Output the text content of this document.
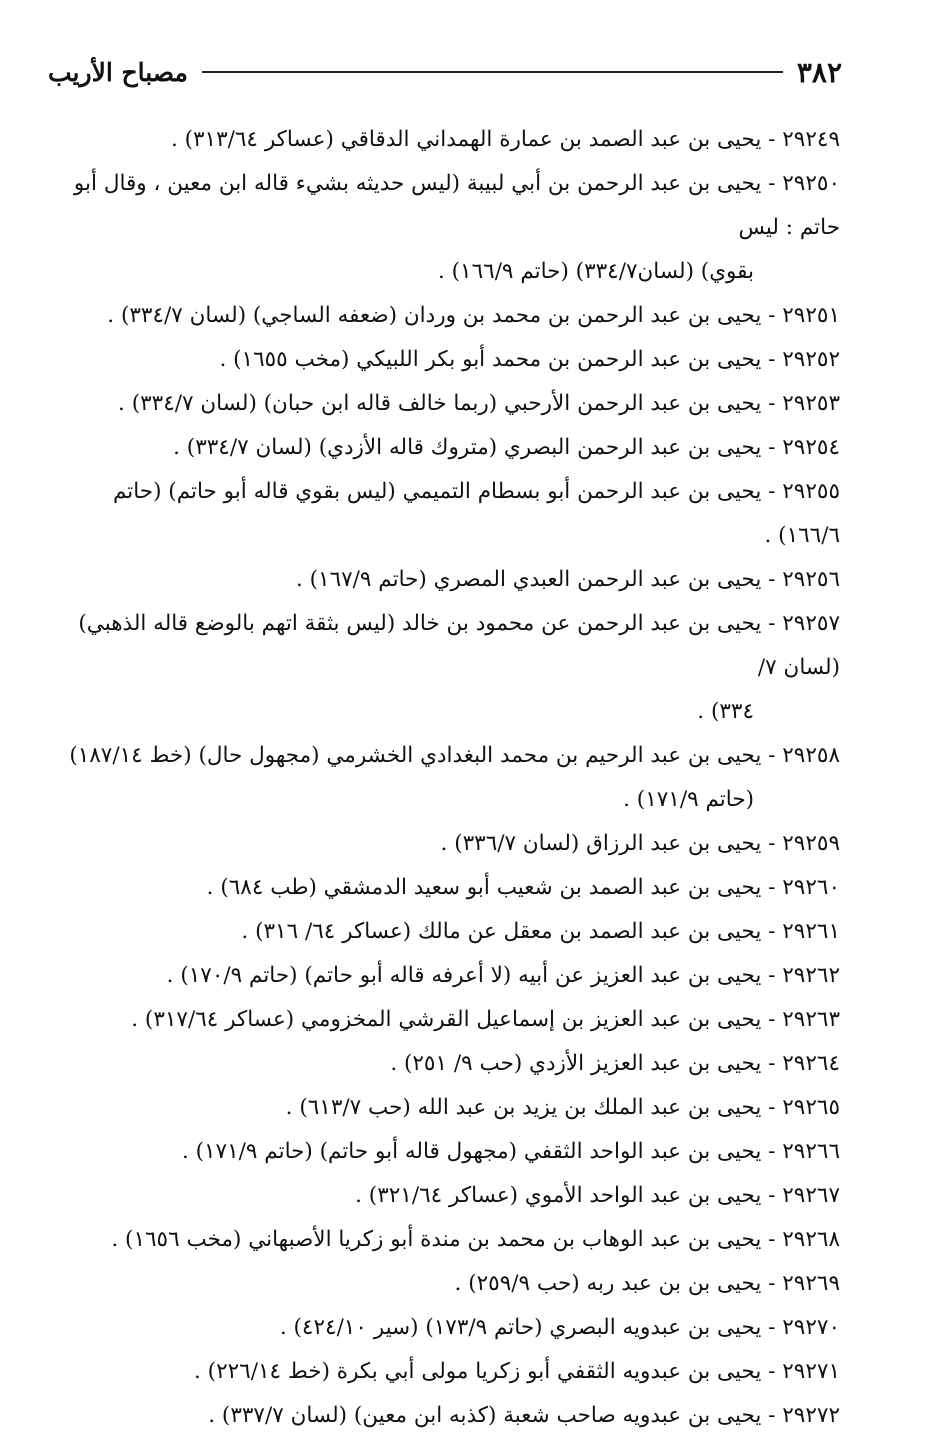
٣٨٢
مصباح الأريب
٢٩٢٤٩ - يحيى بن عبد الصمد بن عمارة الهمداني الدقاقي (عساكر ٣١٣/٦٤) .
٢٩٢٥٠ - يحيى بن عبد الرحمن بن أبي لبيبة (ليس حديثه بشيء قاله ابن معين ، وقال أبو حاتم : ليس
بقوي) (لسان٣٣٤/٧) (حاتم ١٦٦/٩) .
٢٩٢٥١ - يحيى بن عبد الرحمن بن محمد بن وردان (ضعفه الساجي) (لسان ٣٣٤/٧) .
٢٩٢٥٢ - يحيى بن عبد الرحمن بن محمد أبو بكر اللبيكي (مخب ١٦٥٥) .
٢٩٢٥٣ - يحيى بن عبد الرحمن الأرحبي (ربما خالف قاله ابن حبان) (لسان ٣٣٤/٧) .
٢٩٢٥٤ - يحيى بن عبد الرحمن البصري (متروك قاله الأزدي) (لسان ٣٣٤/٧) .
٢٩٢٥٥ - يحيى بن عبد الرحمن أبو بسطام التميمي (ليس بقوي قاله أبو حاتم) (حاتم ١٦٦/٦) .
٢٩٢٥٦ - يحيى بن عبد الرحمن العبدي المصري (حاتم ١٦٧/٩) .
٢٩٢٥٧ - يحيى بن عبد الرحمن عن محمود بن خالد (ليس بثقة اتهم بالوضع قاله الذهبي) (لسان ٧/
٣٣٤) .
٢٩٢٥٨ - يحيى بن عبد الرحيم بن محمد البغدادي الخشرمي (مجهول حال) (خط ١٨٧/١٤)
(حاتم ١٧١/٩) .
٢٩٢٥٩ - يحيى بن عبد الرزاق (لسان ٣٣٦/٧) .
٢٩٢٦٠ - يحيى بن عبد الصمد بن شعيب أبو سعيد الدمشقي (طب ٦٨٤) .
٢٩٢٦١ - يحيى بن عبد الصمد بن معقل عن مالك (عساكر ٦٤/ ٣١٦) .
٢٩٢٦٢ - يحيى بن عبد العزيز عن أبيه (لا أعرفه قاله أبو حاتم) (حاتم ١٧٠/٩) .
٢٩٢٦٣ - يحيى بن عبد العزيز بن إسماعيل القرشي المخزومي (عساكر ٣١٧/٦٤) .
٢٩٢٦٤ - يحيى بن عبد العزيز الأزدي (حب ٩/ ٢٥١) .
٢٩٢٦٥ - يحيى بن عبد الملك بن يزيد بن عبد الله (حب ٦١٣/٧) .
٢٩٢٦٦ - يحيى بن عبد الواحد الثقفي (مجهول قاله أبو حاتم) (حاتم ١٧١/٩) .
٢٩٢٦٧ - يحيى بن عبد الواحد الأموي (عساكر ٣٢١/٦٤) .
٢٩٢٦٨ - يحيى بن عبد الوهاب بن محمد بن مندة أبو زكريا الأصبهاني (مخب ١٦٥٦) .
٢٩٢٦٩ - يحيى بن بن عبد ربه (حب ٢٥٩/٩) .
٢٩٢٧٠ - يحيى بن عبدويه البصري (حاتم ١٧٣/٩) (سير ٤٢٤/١٠) .
٢٩٢٧١ - يحيى بن عبدويه الثقفي أبو زكريا مولى أبي بكرة (خط ٢٢٦/١٤) .
٢٩٢٧٢ - يحيى بن عبدويه صاحب شعبة (كذبه ابن معين) (لسان ٣٣٧/٧) .
